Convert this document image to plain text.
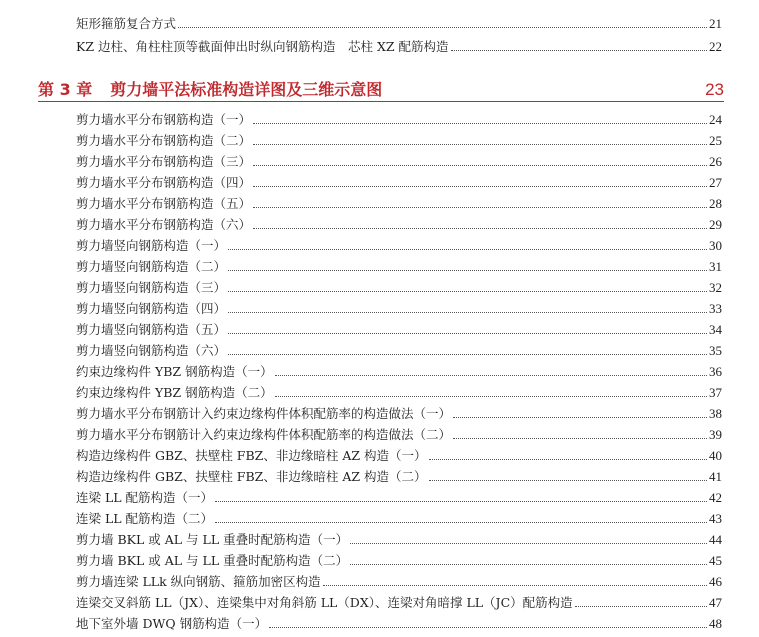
矩形箍筋复合方式	21
KZ 边柱、角柱柱顶等截面伸出时纵向钢筋构造　芯柱 XZ 配筋构造	22
第 3 章 剪力墙平法标准构造详图及三维示意图	23
剪力墙水平分布钢筋构造（一）	24
剪力墙水平分布钢筋构造（二）	25
剪力墙水平分布钢筋构造（三）	26
剪力墙水平分布钢筋构造（四）	27
剪力墙水平分布钢筋构造（五）	28
剪力墙水平分布钢筋构造（六）	29
剪力墙竖向钢筋构造（一）	30
剪力墙竖向钢筋构造（二）	31
剪力墙竖向钢筋构造（三）	32
剪力墙竖向钢筋构造（四）	33
剪力墙竖向钢筋构造（五）	34
剪力墙竖向钢筋构造（六）	35
约束边缘构件 YBZ 钢筋构造（一）	36
约束边缘构件 YBZ 钢筋构造（二）	37
剪力墙水平分布钢筋计入约束边缘构件体积配筋率的构造做法（一）	38
剪力墙水平分布钢筋计入约束边缘构件体积配筋率的构造做法（二）	39
构造边缘构件 GBZ、扶壁柱 FBZ、非边缘暗柱 AZ 构造（一）	40
构造边缘构件 GBZ、扶壁柱 FBZ、非边缘暗柱 AZ 构造（二）	41
连梁 LL 配筋构造（一）	42
连梁 LL 配筋构造（二）	43
剪力墙 BKL 或 AL 与 LL 重叠时配筋构造（一）	44
剪力墙 BKL 或 AL 与 LL 重叠时配筋构造（二）	45
剪力墙连梁 LLk 纵向钢筋、箍筋加密区构造	46
连梁交叉斜筋 LL（JX）、连梁集中对角斜筋 LL（DX）、连梁对角暗撑 LL（JC）配筋构造	47
地下室外墙 DWQ 钢筋构造（一）	48
